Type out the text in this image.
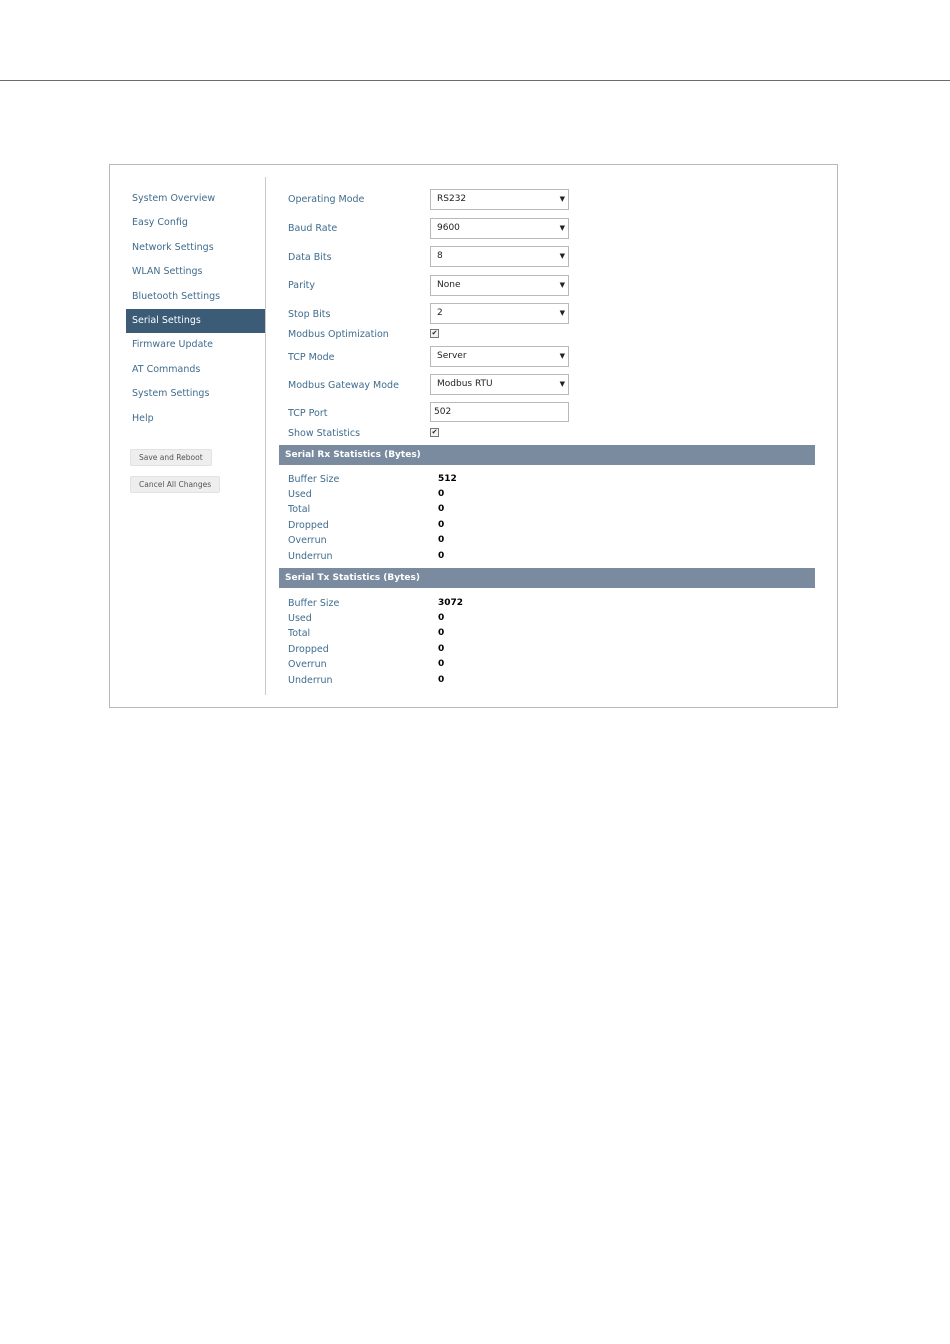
System Overview
Easy Config
Network Settings
WLAN Settings
Bluetooth Settings
Serial Settings
Firmware Update
AT Commands
System Settings
Help
Save and Reboot
Cancel All Changes
Operating Mode	RS232	▼
Baud Rate	9600	▼
Data Bits	8	▼
Parity	None	▼
Stop Bits	2	▼
Modbus Optimization	✔
TCP Mode	Server	▼
Modbus Gateway Mode	Modbus RTU	▼
TCP Port	502
Show Statistics	✔
Serial Rx Statistics (Bytes)
Buffer Size	512
Used	0
Total	0
Dropped	0
Overrun	0
Underrun	0
Serial Tx Statistics (Bytes)
Buffer Size	3072
Used	0
Total	0
Dropped	0
Overrun	0
Underrun	0
